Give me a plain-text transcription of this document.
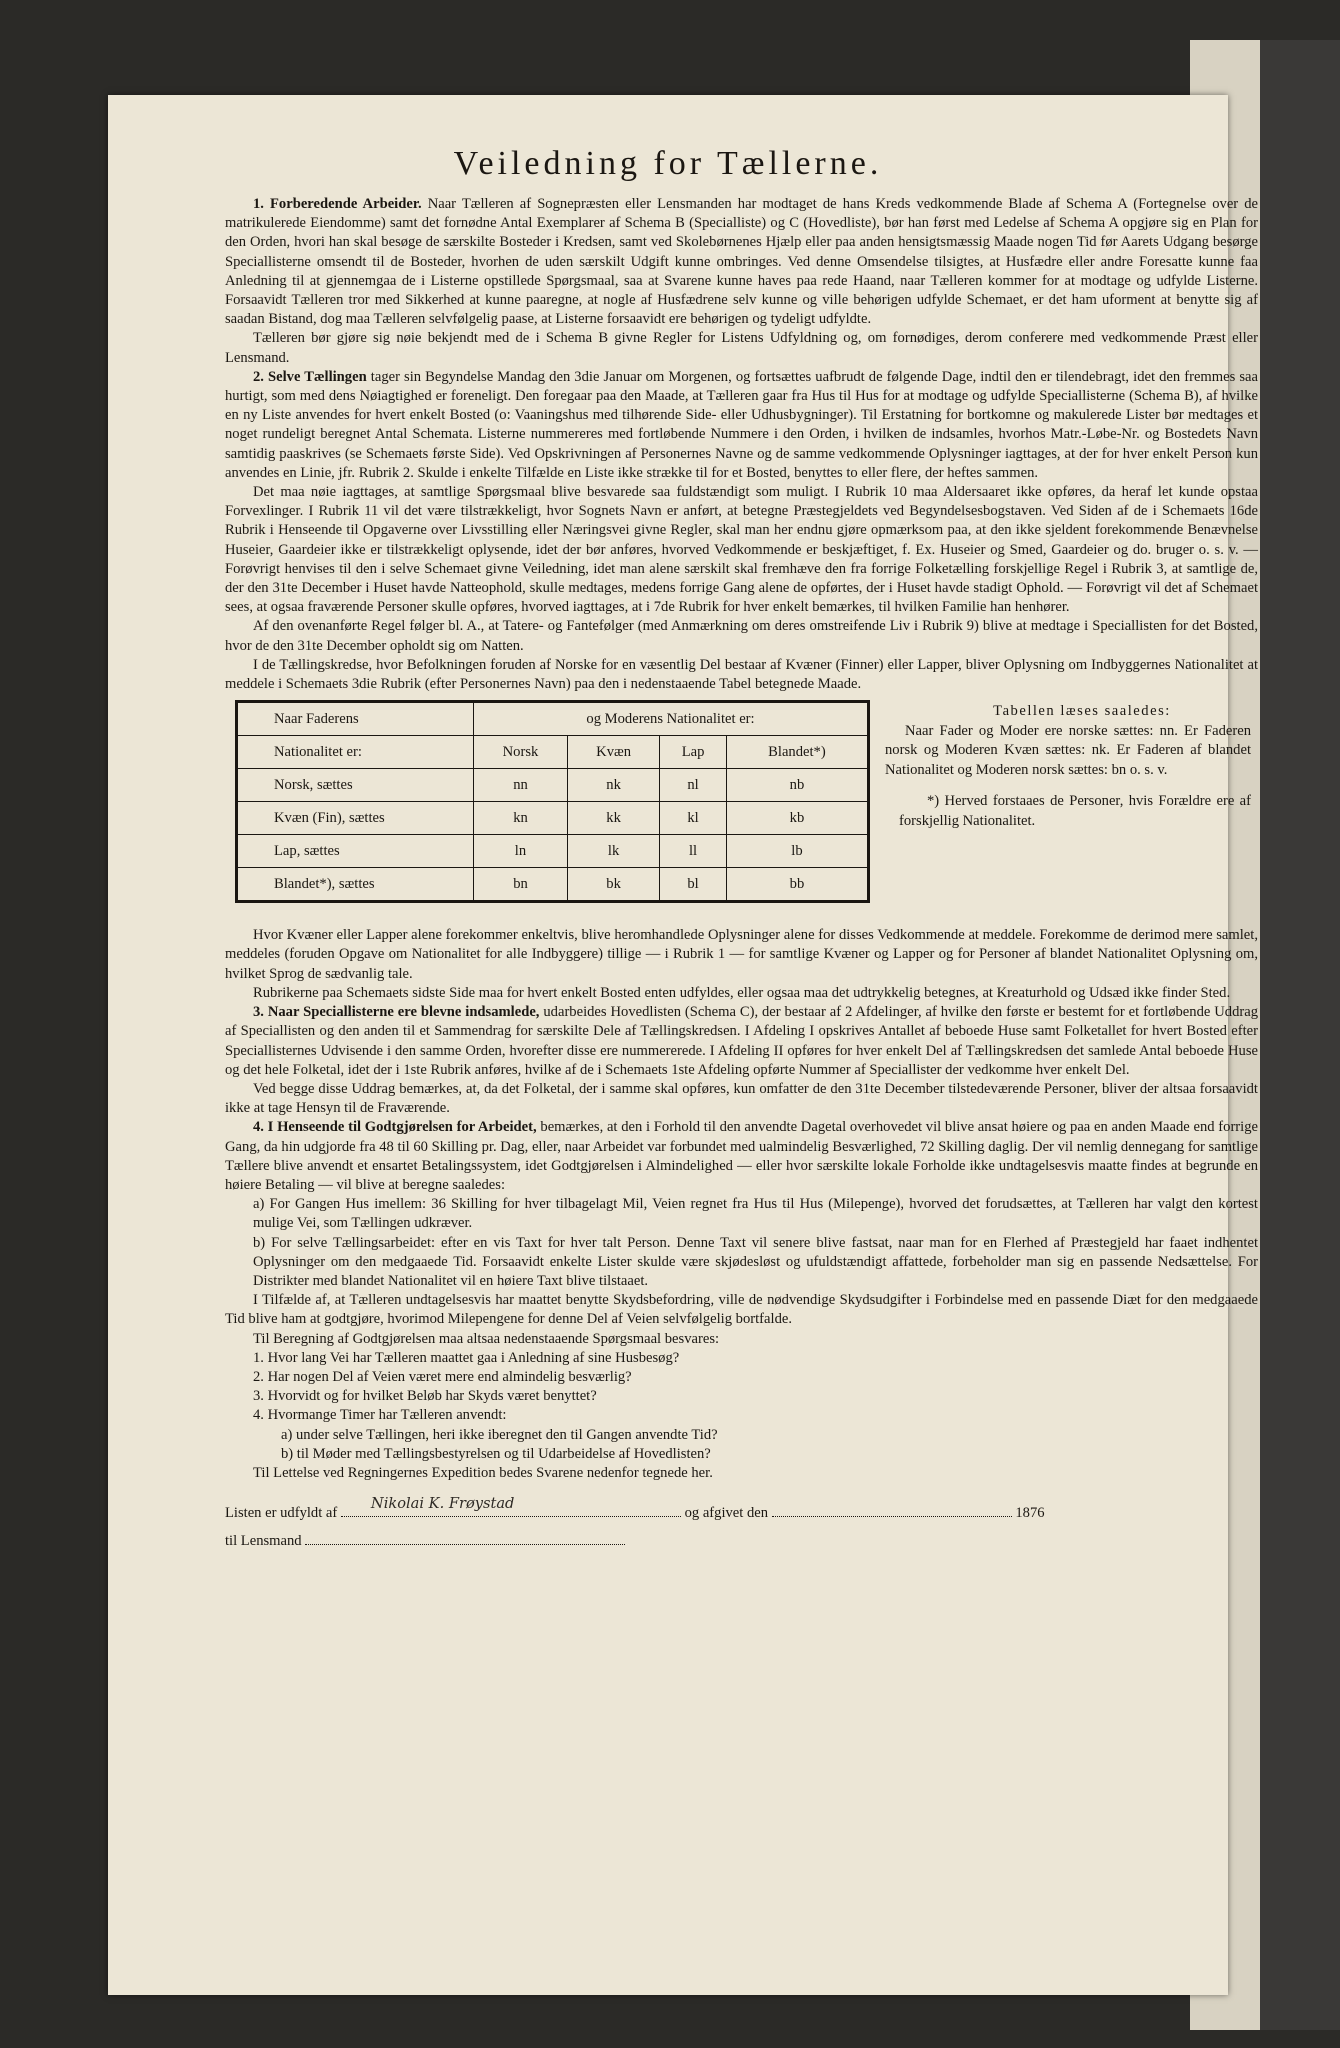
Veiledning for Tællerne.

1. Forberedende Arbeider. Naar Tælleren af Sognepræsten eller Lensmanden har modtaget de hans Kreds vedkommende Blade af Schema A (Fortegnelse over de matrikulerede Eiendomme) samt det fornødne Antal Exemplarer af Schema B (Specialliste) og C (Hovedliste), bør han først med Ledelse af Schema A opgjøre sig en Plan for den Orden, hvori han skal besøge de særskilte Bosteder i Kredsen, samt ved Skolebørnenes Hjælp eller paa anden hensigtsmæssig Maade nogen Tid før Aarets Udgang besørge Speciallisterne omsendt til de Bosteder, hvorhen de uden særskilt Udgift kunne ombringes. Ved denne Omsendelse tilsigtes, at Husfædre eller andre Foresatte kunne faa Anledning til at gjennemgaa de i Listerne opstillede Spørgsmaal, saa at Svarene kunne haves paa rede Haand, naar Tælleren kommer for at modtage og udfylde Listerne. Forsaavidt Tælleren tror med Sikkerhed at kunne paaregne, at nogle af Husfædrene selv kunne og ville behørigen udfylde Schemaet, er det ham uforment at benytte sig af saadan Bistand, dog maa Tælleren selvfølgelig paase, at Listerne forsaavidt ere behørigen og tydeligt udfyldte.

Tælleren bør gjøre sig nøie bekjendt med de i Schema B givne Regler for Listens Udfyldning og, om fornødiges, derom conferere med vedkommende Præst eller Lensmand.

2. Selve Tællingen tager sin Begyndelse Mandag den 3die Januar om Morgenen, og fortsættes uafbrudt de følgende Dage, indtil den er tilendebragt, idet den fremmes saa hurtigt, som med dens Nøiagtighed er foreneligt. Den foregaar paa den Maade, at Tælleren gaar fra Hus til Hus for at modtage og udfylde Speciallisterne (Schema B), af hvilke en ny Liste anvendes for hvert enkelt Bosted (o: Vaaningshus med tilhørende Side- eller Udhusbygninger). Til Erstatning for bortkomne og makulerede Lister bør medtages et noget rundeligt beregnet Antal Schemata. Listerne nummereres med fortløbende Nummere i den Orden, i hvilken de indsamles, hvorhos Matr.-Løbe-Nr. og Bostedets Navn samtidig paaskrives (se Schemaets første Side). Ved Opskrivningen af Personernes Navne og de samme vedkommende Oplysninger iagttages, at der for hver enkelt Person kun anvendes en Linie, jfr. Rubrik 2. Skulde i enkelte Tilfælde en Liste ikke strække til for et Bosted, benyttes to eller flere, der heftes sammen.

Det maa nøie iagttages, at samtlige Spørgsmaal blive besvarede saa fuldstændigt som muligt. I Rubrik 10 maa Aldersaaret ikke opføres, da heraf let kunde opstaa Forvexlinger. I Rubrik 11 vil det være tilstrækkeligt, hvor Sognets Navn er anført, at betegne Præstegjeldets ved Begyndelsesbogstaven. Ved Siden af de i Schemaets 16de Rubrik i Henseende til Opgaverne over Livsstilling eller Næringsvei givne Regler, skal man her endnu gjøre opmærksom paa, at den ikke sjeldent forekommende Benævnelse Huseier, Gaardeier ikke er tilstrækkeligt oplysende, idet der bør anføres, hvorved Vedkommende er beskjæftiget, f. Ex. Huseier og Smed, Gaardeier og do. bruger o. s. v. — Forøvrigt henvises til den i selve Schemaet givne Veiledning, idet man alene særskilt skal fremhæve den fra forrige Folketælling forskjellige Regel i Rubrik 3, at samtlige de, der den 31te December i Huset havde Natteophold, skulle medtages, medens forrige Gang alene de opførtes, der i Huset havde stadigt Ophold. — Forøvrigt vil det af Schemaet sees, at ogsaa fraværende Personer skulle opføres, hvorved iagttages, at i 7de Rubrik for hver enkelt bemærkes, til hvilken Familie han henhører.

Af den ovenanførte Regel følger bl. A., at Tatere- og Fantefølger (med Anmærkning om deres omstreifende Liv i Rubrik 9) blive at medtage i Speciallisten for det Bosted, hvor de den 31te December opholdt sig om Natten.

I de Tællingskredse, hvor Befolkningen foruden af Norske for en væsentlig Del bestaar af Kvæner (Finner) eller Lapper, bliver Oplysning om Indbyggernes Nationalitet at meddele i Schemaets 3die Rubrik (efter Personernes Navn) paa den i nedenstaaende Tabel betegnede Maade.

Naar Faderens	og Moderens Nationalitet er:			
Nationalitet er:	Norsk	Kvæn	Lap	Blandet*)
Norsk, sættes	nn	nk	nl	nb
Kvæn (Fin), sættes	kn	kk	kl	kb
Lap, sættes	ln	lk	ll	lb
Blandet*), sættes	bn	bk	bl	bb

Tabellen læses saaledes:

Naar Fader og Moder ere norske sættes: nn. Er Faderen norsk og Moderen Kvæn sættes: nk. Er Faderen af blandet Nationalitet og Moderen norsk sættes: bn o. s. v.

*) Herved forstaaes de Personer, hvis Forældre ere af forskjellig Nationalitet.

Hvor Kvæner eller Lapper alene forekommer enkeltvis, blive heromhandlede Oplysninger alene for disses Vedkommende at meddele. Forekomme de derimod mere samlet, meddeles (foruden Opgave om Nationalitet for alle Indbyggere) tillige — i Rubrik 1 — for samtlige Kvæner og Lapper og for Personer af blandet Nationalitet Oplysning om, hvilket Sprog de sædvanlig tale.

Rubrikerne paa Schemaets sidste Side maa for hvert enkelt Bosted enten udfyldes, eller ogsaa maa det udtrykkelig betegnes, at Kreaturhold og Udsæd ikke finder Sted.

3. Naar Speciallisterne ere blevne indsamlede, udarbeides Hovedlisten (Schema C), der bestaar af 2 Afdelinger, af hvilke den første er bestemt for et fortløbende Uddrag af Speciallisten og den anden til et Sammendrag for særskilte Dele af Tællingskredsen. I Afdeling I opskrives Antallet af beboede Huse samt Folketallet for hvert Bosted efter Speciallisternes Udvisende i den samme Orden, hvorefter disse ere nummererede. I Afdeling II opføres for hver enkelt Del af Tællingskredsen det samlede Antal beboede Huse og det hele Folketal, idet der i 1ste Rubrik anføres, hvilke af de i Schemaets 1ste Afdeling opførte Nummer af Speciallister der vedkomme hver enkelt Del.

Ved begge disse Uddrag bemærkes, at, da det Folketal, der i samme skal opføres, kun omfatter de den 31te December tilstedeværende Personer, bliver der altsaa forsaavidt ikke at tage Hensyn til de Fraværende.

4. I Henseende til Godtgjørelsen for Arbeidet, bemærkes, at den i Forhold til den anvendte Dagetal overhovedet vil blive ansat høiere og paa en anden Maade end forrige Gang, da hin udgjorde fra 48 til 60 Skilling pr. Dag, eller, naar Arbeidet var forbundet med ualmindelig Besværlighed, 72 Skilling daglig. Der vil nemlig dennegang for samtlige Tællere blive anvendt et ensartet Betalingssystem, idet Godtgjørelsen i Almindelighed — eller hvor særskilte lokale Forholde ikke undtagelsesvis maatte findes at begrunde en høiere Betaling — vil blive at beregne saaledes:

a) For Gangen Hus imellem: 36 Skilling for hver tilbagelagt Mil, Veien regnet fra Hus til Hus (Milepenge), hvorved det forudsættes, at Tælleren har valgt den kortest mulige Vei, som Tællingen udkræver.

b) For selve Tællingsarbeidet: efter en vis Taxt for hver talt Person. Denne Taxt vil senere blive fastsat, naar man for en Flerhed af Præstegjeld har faaet indhentet Oplysninger om den medgaaede Tid. Forsaavidt enkelte Lister skulde være skjødesløst og ufuldstændigt affattede, forbeholder man sig en passende Nedsættelse. For Distrikter med blandet Nationalitet vil en høiere Taxt blive tilstaaet.

I Tilfælde af, at Tælleren undtagelsesvis har maattet benytte Skydsbefordring, ville de nødvendige Skydsudgifter i Forbindelse med en passende Diæt for den medgaaede Tid blive ham at godtgjøre, hvorimod Milepengene for denne Del af Veien selvfølgelig bortfalde.

Til Beregning af Godtgjørelsen maa altsaa nedenstaaende Spørgsmaal besvares:

1. Hvor lang Vei har Tælleren maattet gaa i Anledning af sine Husbesøg?
2. Har nogen Del af Veien været mere end almindelig besværlig?
3. Hvorvidt og for hvilket Beløb har Skyds været benyttet?
4. Hvormange Timer har Tælleren anvendt:
a) under selve Tællingen, heri ikke iberegnet den til Gangen anvendte Tid?
b) til Møder med Tællingsbestyrelsen og til Udarbeidelse af Hovedlisten?

Til Lettelse ved Regningernes Expedition bedes Svarene nedenfor tegnede her.

Listen er udfyldt af
Nikolai K. Frøystad
og afgivet den	1876
til Lensmand
